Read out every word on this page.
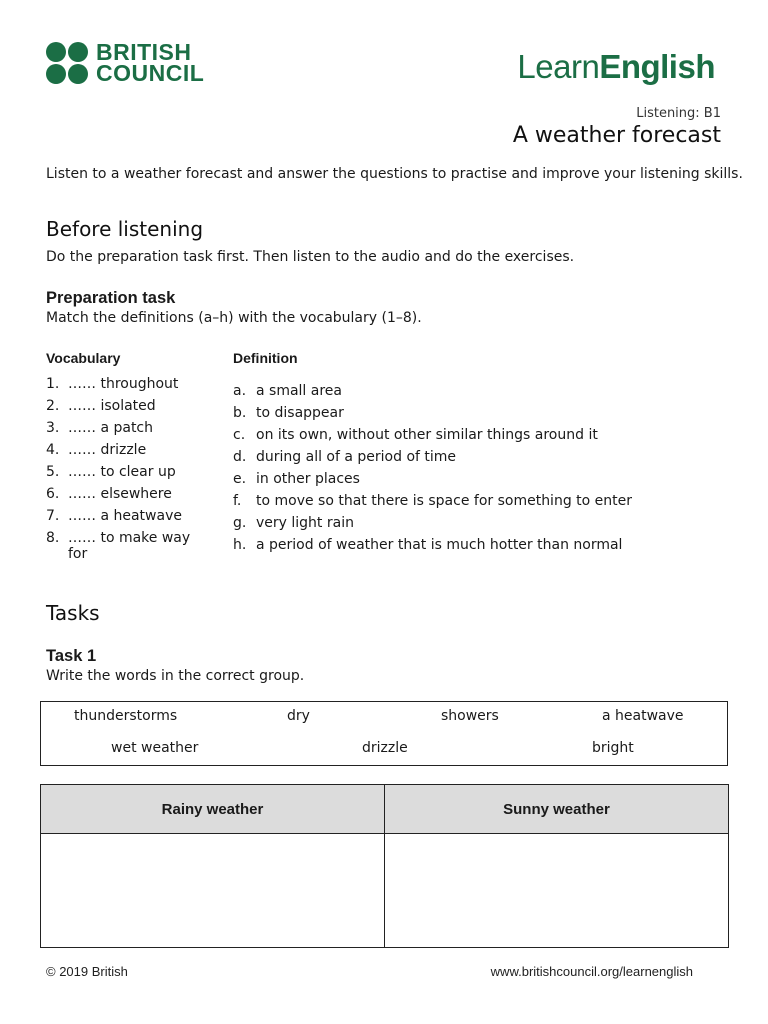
BRITISH
COUNCIL	LearnEnglish
Listening: B1
A weather forecast
Listen to a weather forecast and answer the questions to practise and improve your listening skills.
Before listening
Do the preparation task first. Then listen to the audio and do the exercises.
Preparation task
Match the definitions (a–h) with the vocabulary (1–8).
Vocabulary	Definition
1. …… throughout
2. …… isolated
3. …… a patch
4. …… drizzle
5. …… to clear up
6. …… elsewhere
7. …… a heatwave
8. …… to make way for
a. a small area
b. to disappear
c. on its own, without other similar things around it
d. during all of a period of time
e. in other places
f. to move so that there is space for something to enter
g. very light rain
h. a period of weather that is much hotter than normal
Tasks
Task 1
Write the words in the correct group.
thunderstorms	dry	showers	a heatwave
wet weather	drizzle	bright
Rainy weather	Sunny weather

© 2019 British	www.britishcouncil.org/learnenglish
